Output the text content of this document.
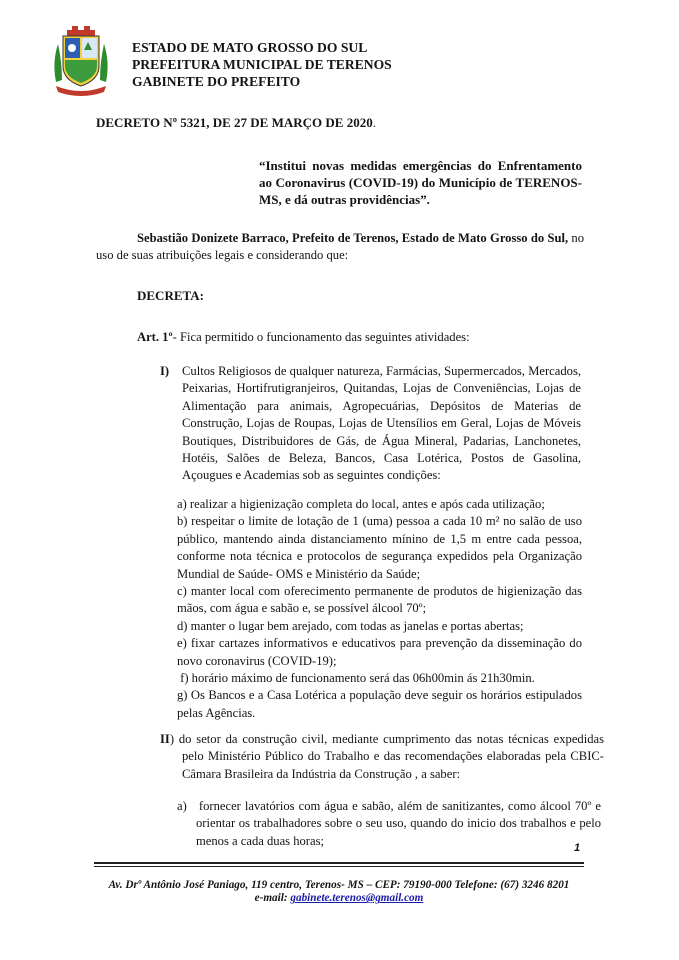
ESTADO DE MATO GROSSO DO SUL
PREFEITURA MUNICIPAL DE TERENOS
GABINETE DO PREFEITO
DECRETO Nº 5321, DE 27 DE MARÇO DE 2020.
“Institui novas medidas emergências do Enfrentamento ao Coronavirus (COVID-19) do Município de TERENOS-MS, e dá outras providências”.
Sebastião Donizete Barraco, Prefeito de Terenos, Estado de Mato Grosso do Sul, no uso de suas atribuições legais e considerando que:
DECRETA:
Art. 1º- Fica permitido o funcionamento das seguintes atividades:
I) Cultos Religiosos de qualquer natureza, Farmácias, Supermercados, Mercados, Peixarias, Hortifrutigranjeiros, Quitandas, Lojas de Conveniências, Lojas de Alimentação para animais, Agropecuárias, Depósitos de Materias de Construção, Lojas de Roupas, Lojas de Utensílios em Geral, Lojas de Móveis Boutiques, Distribuidores de Gás, de Água Mineral, Padarias, Lanchonetes, Hotéis, Salões de Beleza, Bancos, Casa Lotérica, Postos de Gasolina, Açougues e Academias sob as seguintes condições:
a) realizar a higienização completa do local, antes e após cada utilização;
b) respeitar o limite de lotação de 1 (uma) pessoa a cada 10 m² no salão de uso público, mantendo ainda distanciamento mínino de 1,5 m entre cada pessoa, conforme nota técnica e protocolos de segurança expedidos pela Organização Mundial de Saúde- OMS e Ministério da Saúde;
c) manter local com oferecimento permanente de produtos de higienização das mãos, com água e sabão e, se possível álcool 70º;
d) manter o lugar bem arejado, com todas as janelas e portas abertas;
e) fixar cartazes informativos e educativos para prevenção da disseminação do novo coronavirus (COVID-19);
f) horário máximo de funcionamento será das 06h00min ás 21h30min.
g) Os Bancos e a Casa Lotérica a população deve seguir os horários estipulados pelas Agências.
II) do setor da construção civil, mediante cumprimento das notas técnicas expedidas pelo Ministério Público do Trabalho e das recomendações elaboradas pela CBIC- Câmara Brasileira da Indústria da Construção , a saber:
a)   fornecer lavatórios com água e sabão, além de sanitizantes, como álcool 70º e orientar os trabalhadores sobre o seu uso, quando do inicio dos trabalhos e pelo menos a cada duas horas;
1
Av. Drº Antônio José Paniago, 119 centro, Terenos- MS – CEP: 79190-000 Telefone: (67) 3246 8201
e-mail: gabinete.terenos@gmail.com
